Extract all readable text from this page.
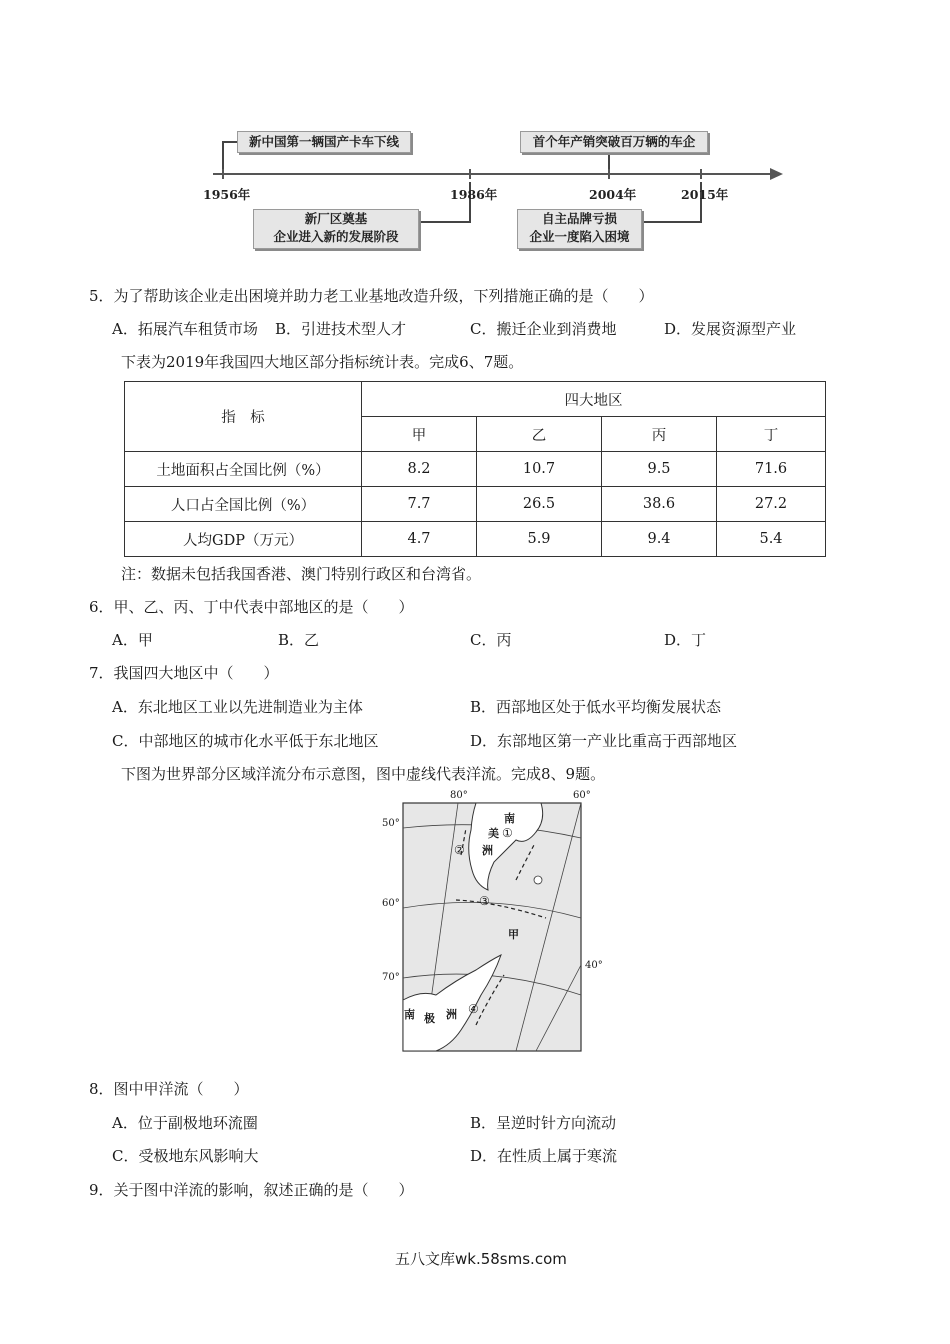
新中国第一辆国产卡车下线	首个年产销突破百万辆的车企
新厂区奠基
企业进入新的发展阶段
自主品牌亏损
企业一度陷入困境
1956年	1986年	2004年	2015年
5．为了帮助该企业走出困境并助力老工业基地改造升级，下列措施正确的是（　　）
A．拓展汽车租赁市场 B．引进技术型人才	C．搬迁企业到消费地	D．发展资源型产业
下表为2019年我国四大地区部分指标统计表。完成6、7题。
指　标	四大地区			
	甲	乙	丙	丁
土地面积占全国比例（%）	8.2	10.7	9.5	71.6
人口占全国比例（%）	7.7	26.5	38.6	27.2
人均GDP（万元）	4.7	5.9	9.4	5.4
注：数据未包括我国香港、澳门特别行政区和台湾省。
6．甲、乙、丙、丁中代表中部地区的是（　　）
A．甲	B．乙	C．丙	D．丁
7．我国四大地区中（　　）
A．东北地区工业以先进制造业为主体	B．西部地区处于低水平均衡发展状态
C．中部地区的城市化水平低于东北地区	D．东部地区第一产业比重高于西部地区
下图为世界部分区域洋流分布示意图，图中虚线代表洋流。完成8、9题。
80°	60°
40°
50°
60°
70°
南
美
洲
①
②
③
甲
④
南 极 洲
8．图中甲洋流（　　）
A．位于副极地环流圈	B．呈逆时针方向流动
C．受极地东风影响大	D．在性质上属于寒流
9．关于图中洋流的影响，叙述正确的是（　　）
五八文库wk.58sms.com
